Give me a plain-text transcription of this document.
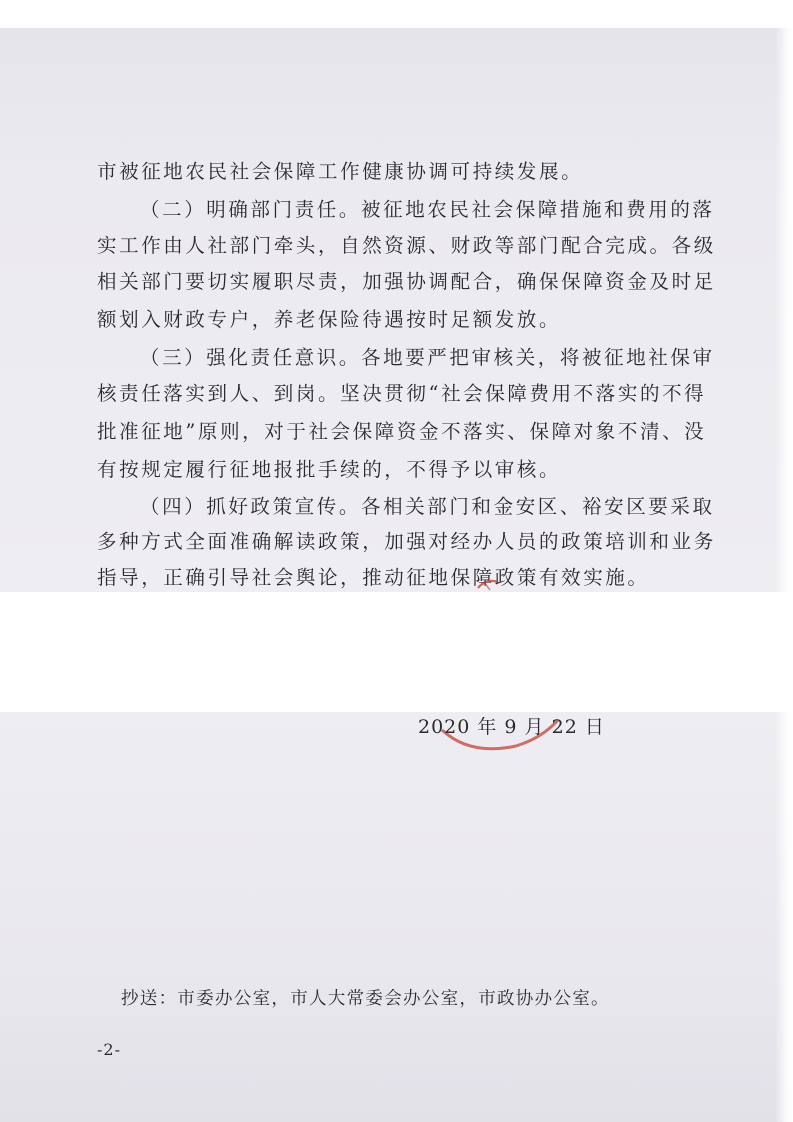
市被征地农民社会保障工作健康协调可持续发展。
（二）明确部门责任。被征地农民社会保障措施和费用的落
实工作由人社部门牵头，自然资源、财政等部门配合完成。各级
相关部门要切实履职尽责，加强协调配合，确保保障资金及时足
额划入财政专户，养老保险待遇按时足额发放。
（三）强化责任意识。各地要严把审核关，将被征地社保审
核责任落实到人、到岗。坚决贯彻“社会保障费用不落实的不得
批准征地”原则，对于社会保障资金不落实、保障对象不清、没
有按规定履行征地报批手续的，不得予以审核。
（四）抓好政策宣传。各相关部门和金安区、裕安区要采取
多种方式全面准确解读政策，加强对经办人员的政策培训和业务
指导，正确引导社会舆论，推动征地保障政策有效实施。
2020 年 9 月 22 日
抄送：市委办公室，市人大常委会办公室，市政协办公室。
-2-
